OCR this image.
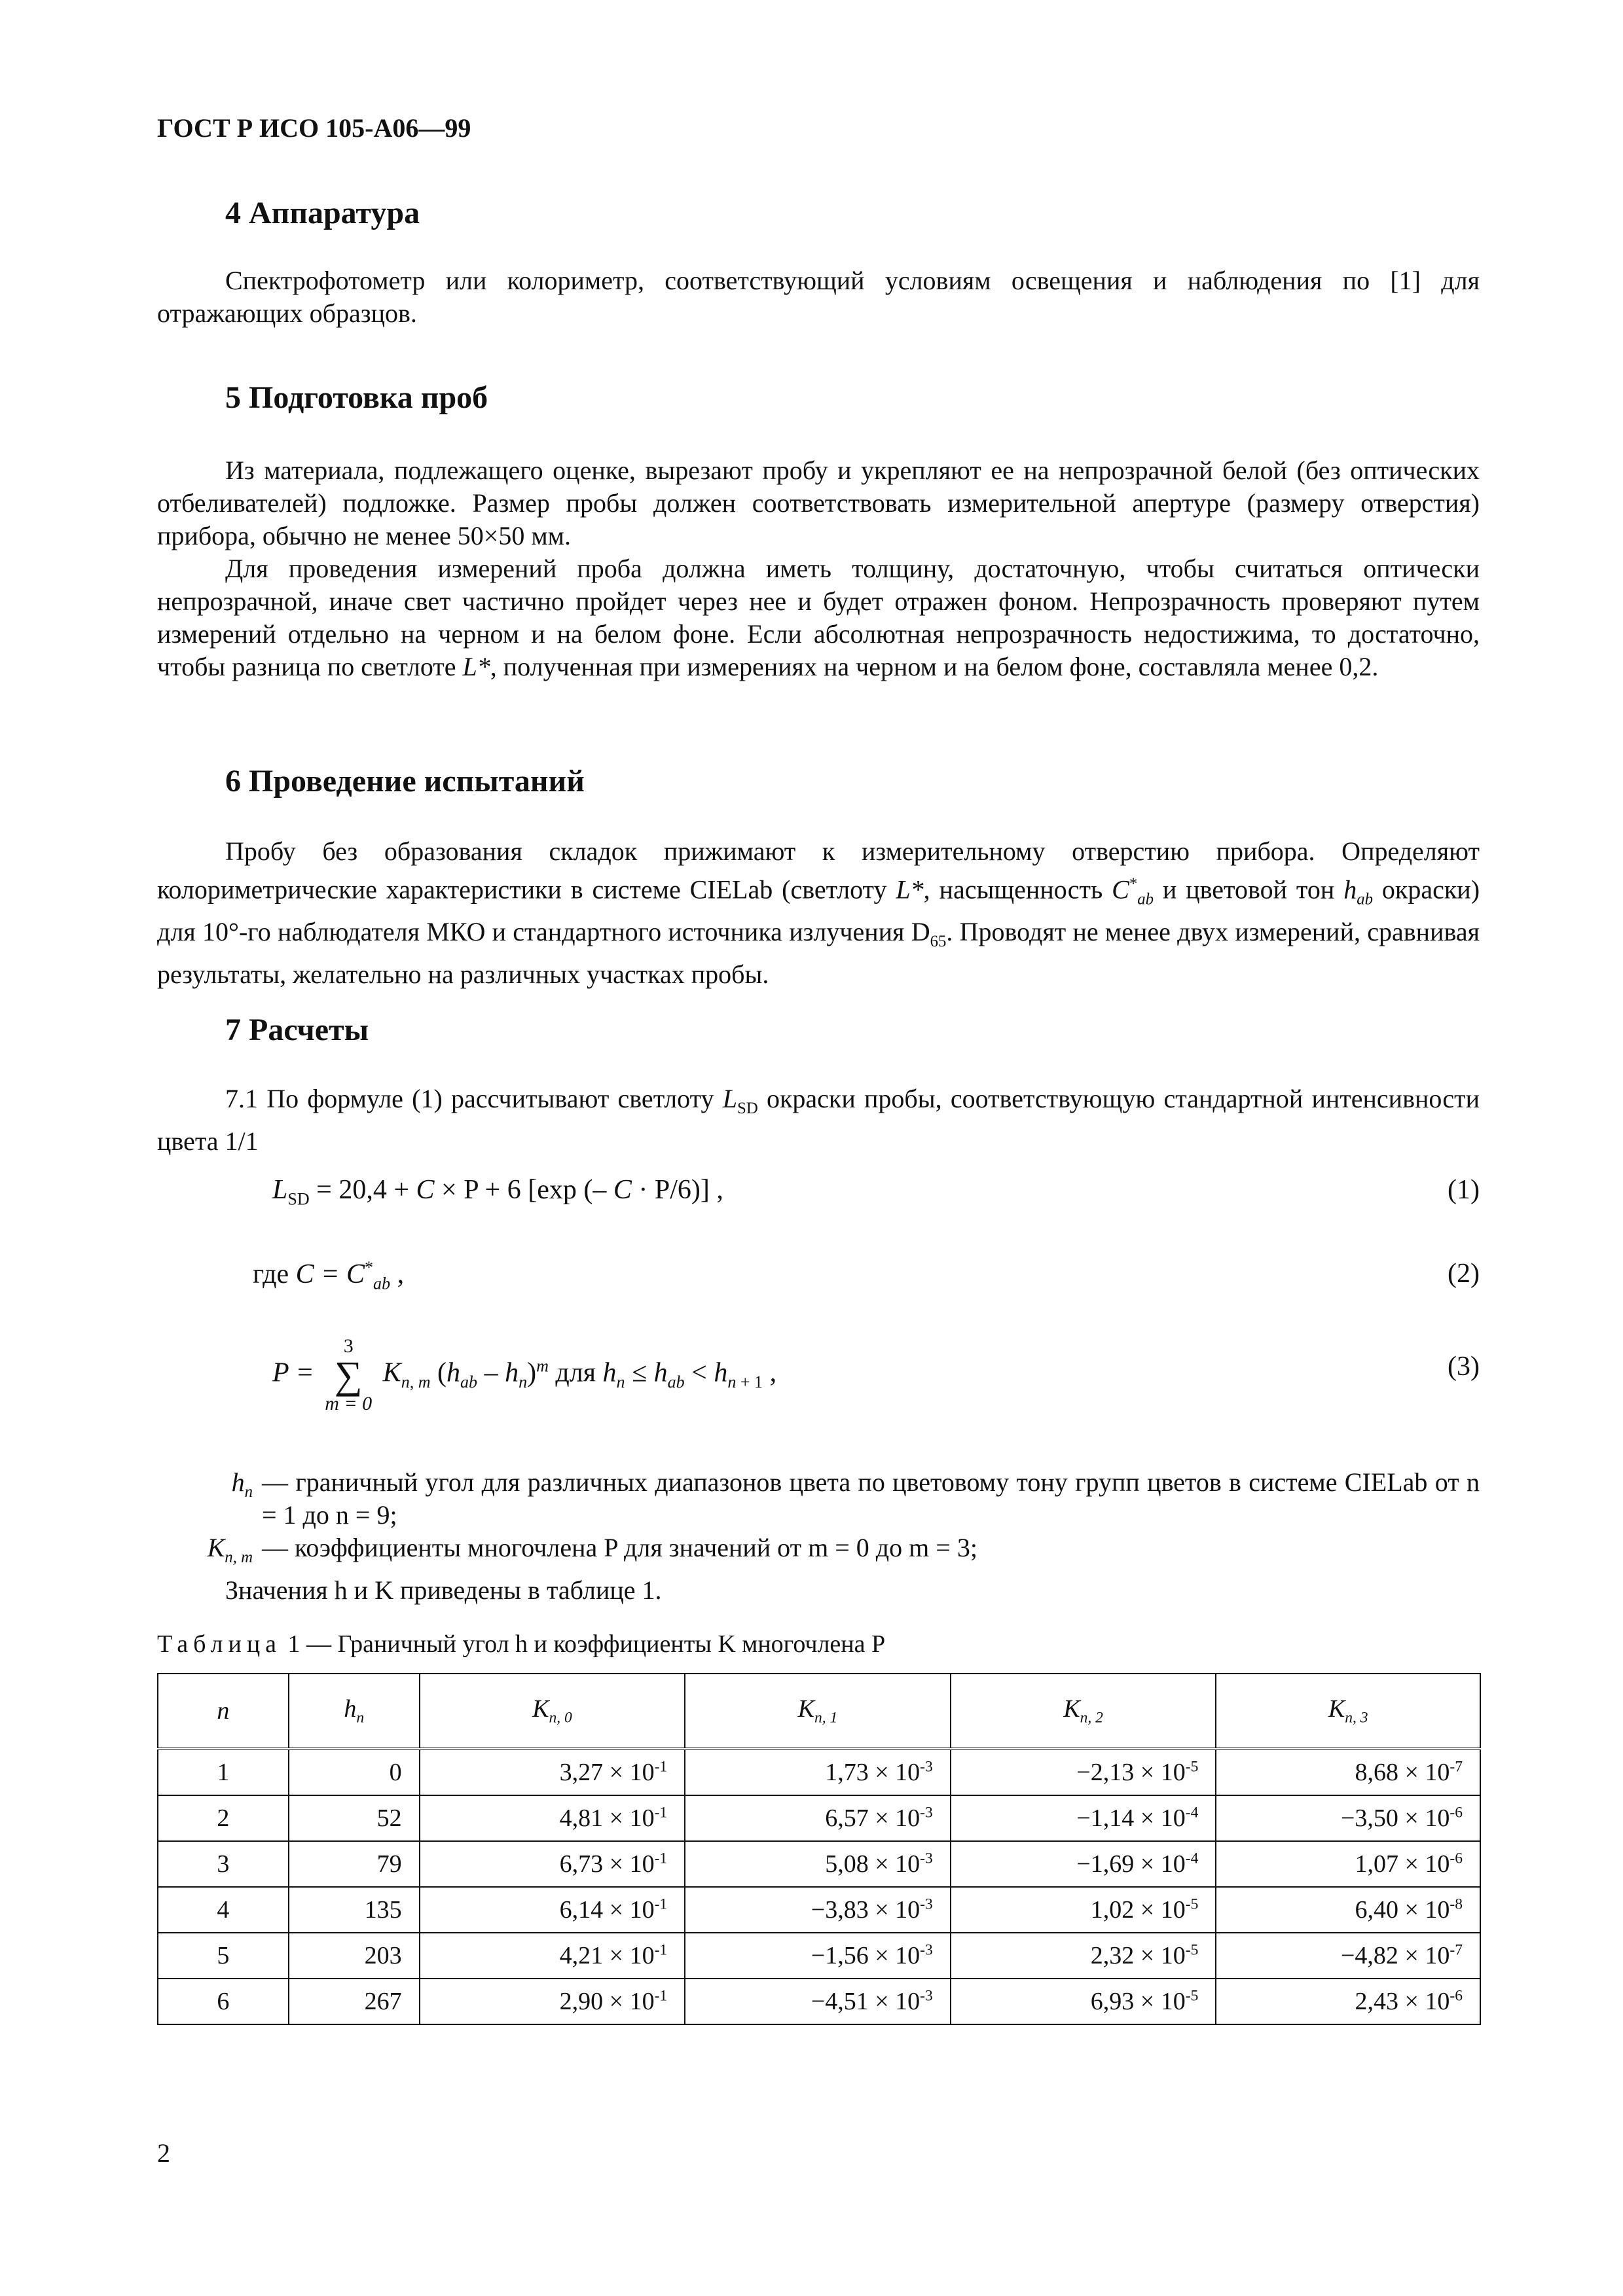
ГОСТ Р ИСО 105-А06—99
4 Аппаратура
Спектрофотометр или колориметр, соответствующий условиям освещения и наблюдения по [1] для отражающих образцов.
5 Подготовка проб
Из материала, подлежащего оценке, вырезают пробу и укрепляют ее на непрозрачной белой (без оптических отбеливателей) подложке. Размер пробы должен соответствовать измерительной апертуре (размеру отверстия) прибора, обычно не менее 50×50 мм.
Для проведения измерений проба должна иметь толщину, достаточную, чтобы считаться оптически непрозрачной, иначе свет частично пройдет через нее и будет отражен фоном. Непрозрачность проверяют путем измерений отдельно на черном и на белом фоне. Если абсолютная непрозрачность недостижима, то достаточно, чтобы разница по светлоте L*, полученная при измерениях на черном и на белом фоне, составляла менее 0,2.
6 Проведение испытаний
Пробу без образования складок прижимают к измерительному отверстию прибора. Определяют колориметрические характеристики в системе CIELab (светлоту L*, насыщенность $C^*_{ab}$ и цветовой тон $h_{ab}$ окраски) для 10°-го наблюдателя МКО и стандартного источника излучения $D_{65}$. Проводят не менее двух измерений, сравнивая результаты, желательно на различных участках пробы.
7 Расчеты
7.1 По формуле (1) рассчитывают светлоту $L_{SD}$ окраски пробы, соответствующую стандартной интенсивности цвета 1/1
$L_{SD} = 20,4 + C \times P + 6$ [exp (– C · P/6)] ,	(1)
где $C = C^*_{ab}$ ,	(2)
P =
3
∑
m = 0
$K_{n, m}$ $(h_{ab} - h_n)^m$ для $h_n \le h_{ab} < h_{n + 1}$ ,	(3)
$h_n$ — граничный угол для различных диапазонов цвета по цветовому тону групп цветов в системе CIELab от n = 1 до n = 9;
$K_{n, m}$ — коэффициенты многочлена P для значений от m = 0 до m = 3;
Значения h и K приведены в таблице 1.
Таблица 1 — Граничный угол h и коэффициенты K многочлена P
n	$h_n$	$K_{n, 0}$	$K_{n, 1}$	$K_{n, 2}$	$K_{n, 3}$
1	0	$3,27 \times 10^{-1}$	$1,73 \times 10^{-3}$	$-2,13 \times 10^{-5}$	$8,68 \times 10^{-7}$
2	52	$4,81 \times 10^{-1}$	$6,57 \times 10^{-3}$	$-1,14 \times 10^{-4}$	$-3,50 \times 10^{-6}$
3	79	$6,73 \times 10^{-1}$	$5,08 \times 10^{-3}$	$-1,69 \times 10^{-4}$	$1,07 \times 10^{-6}$
4	135	$6,14 \times 10^{-1}$	$-3,83 \times 10^{-3}$	$1,02 \times 10^{-5}$	$6,40 \times 10^{-8}$
5	203	$4,21 \times 10^{-1}$	$-1,56 \times 10^{-3}$	$2,32 \times 10^{-5}$	$-4,82 \times 10^{-7}$
6	267	$2,90 \times 10^{-1}$	$-4,51 \times 10^{-3}$	$6,93 \times 10^{-5}$	$2,43 \times 10^{-6}$
2
